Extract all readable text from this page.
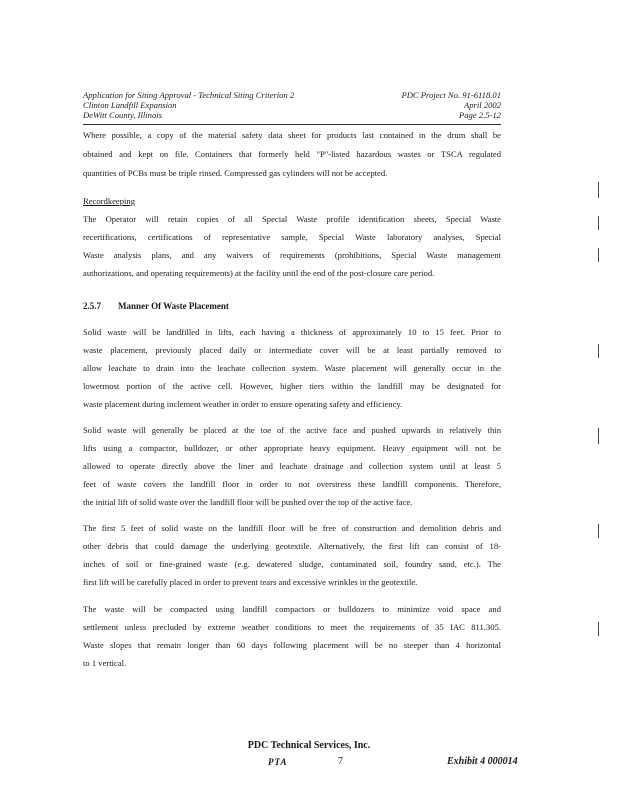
Application for Siting Approval - Technical Siting Criterion 2
Clinton Landfill Expansion
DeWitt County, Illinois
PDC Project No. 91-6118.01
April 2002
Page 2.5-12
Where possible, a copy of the material safety data sheet for products last contained in the drum shall be
obtained and kept on file. Containers that formerly held "P"-listed hazardous wastes or TSCA regulated
quantities of PCBs must be triple rinsed. Compressed gas cylinders will not be accepted.
Recordkeeping
The Operator will retain copies of all Special Waste profile identification sheets, Special Waste
recertifications, certifications of representative sample, Special Waste laboratory analyses, Special
Waste analysis plans, and any waivers of requirements (prohibitions, Special Waste management
authorizations, and operating requirements) at the facility until the end of the post-closure care period.
2.5.7 Manner Of Waste Placement
Solid waste will be landfilled in lifts, each having a thickness of approximately 10 to 15 feet. Prior to
waste placement, previously placed daily or intermediate cover will be at least partially removed to
allow leachate to drain into the leachate collection system. Waste placement will generally occur in the
lowermost portion of the active cell. However, higher tiers within the landfill may be designated for
waste placement during inclement weather in order to ensure operating safety and efficiency.
Solid waste will generally be placed at the toe of the active face and pushed upwards in relatively thin
lifts using a compactor, bulldozer, or other appropriate heavy equipment. Heavy equipment will not be
allowed to operate directly above the liner and leachate drainage and collection system until at least 5
feet of waste covers the landfill floor in order to not overstress these landfill components. Therefore,
the initial lift of solid waste over the landfill floor will be pushed over the top of the active face.
The first 5 feet of solid waste on the landfill floor will be free of construction and demolition debris and
other debris that could damage the underlying geotextile. Alternatively, the first lift can consist of 18-
inches of soil or fine-grained waste (e.g. dewatered sludge, contaminated soil, foundry sand, etc.). The
first lift will be carefully placed in order to prevent tears and excessive wrinkles in the geotextile.
The waste will be compacted using landfill compactors or bulldozers to minimize void space and
settlement unless precluded by extreme weather conditions to meet the requirements of 35 IAC 811.305.
Waste slopes that remain longer than 60 days following placement will be no steeper than 4 horizontal
to 1 vertical.
PDC Technical Services, Inc.
PTA	7	Exhibit 4 000014
